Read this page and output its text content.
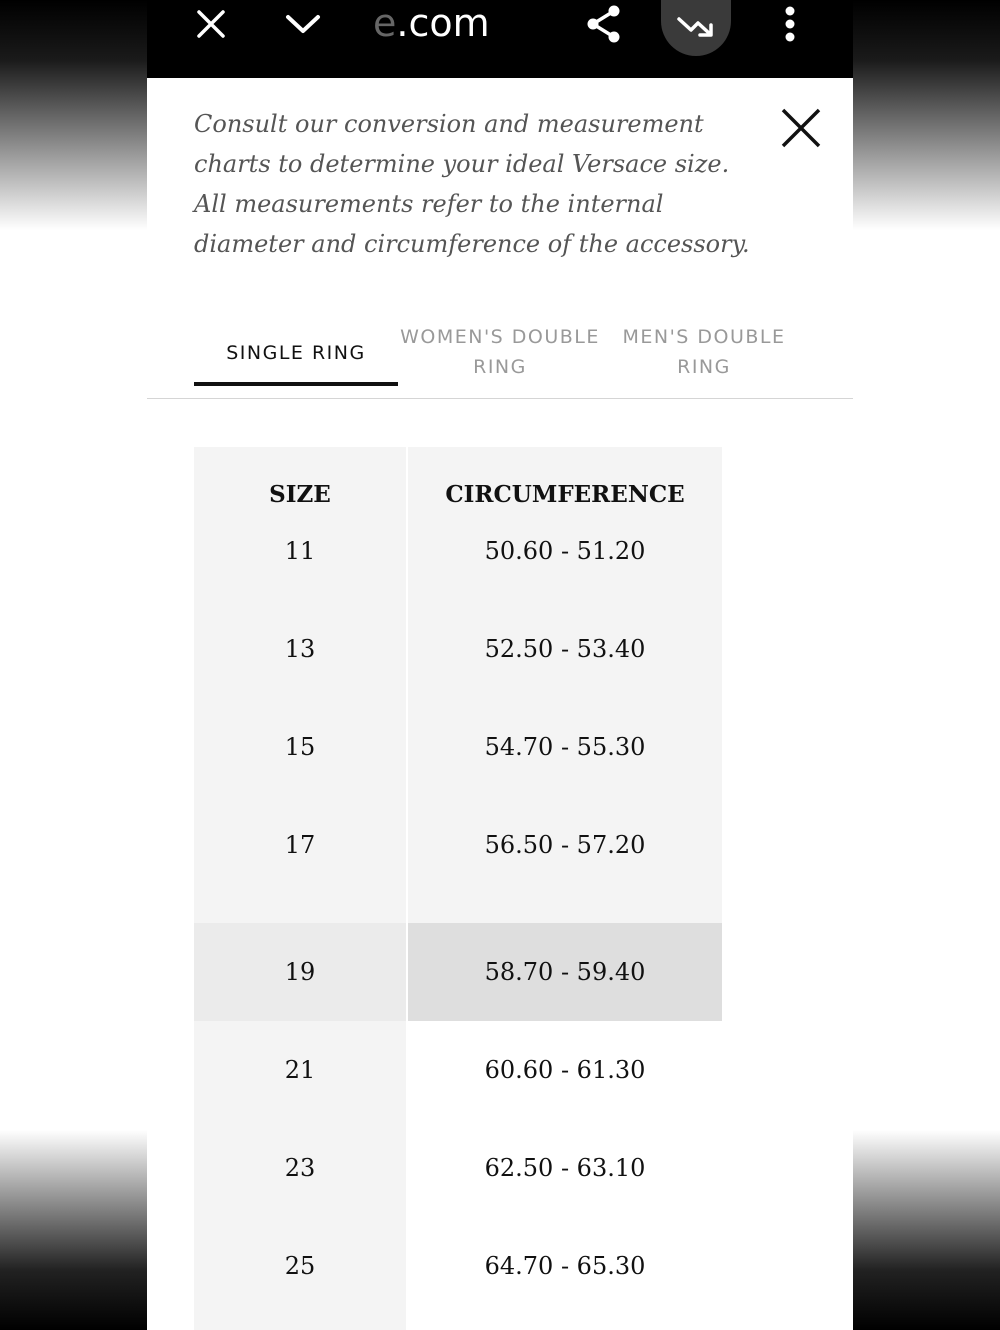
e.com

Consult our conversion and measurement charts to determine your ideal Versace size. All measurements refer to the internal diameter and circumference of the accessory.

SINGLE RING
WOMEN'S DOUBLE RING
MEN'S DOUBLE RING
SIZE	CIRCUMFERENCE
11	50.60 - 51.20
13	52.50 - 53.40
15	54.70 - 55.30
17	56.50 - 57.20
19	58.70 - 59.40
21	60.60 - 61.30
23	62.50 - 63.10
25	64.70 - 65.30
